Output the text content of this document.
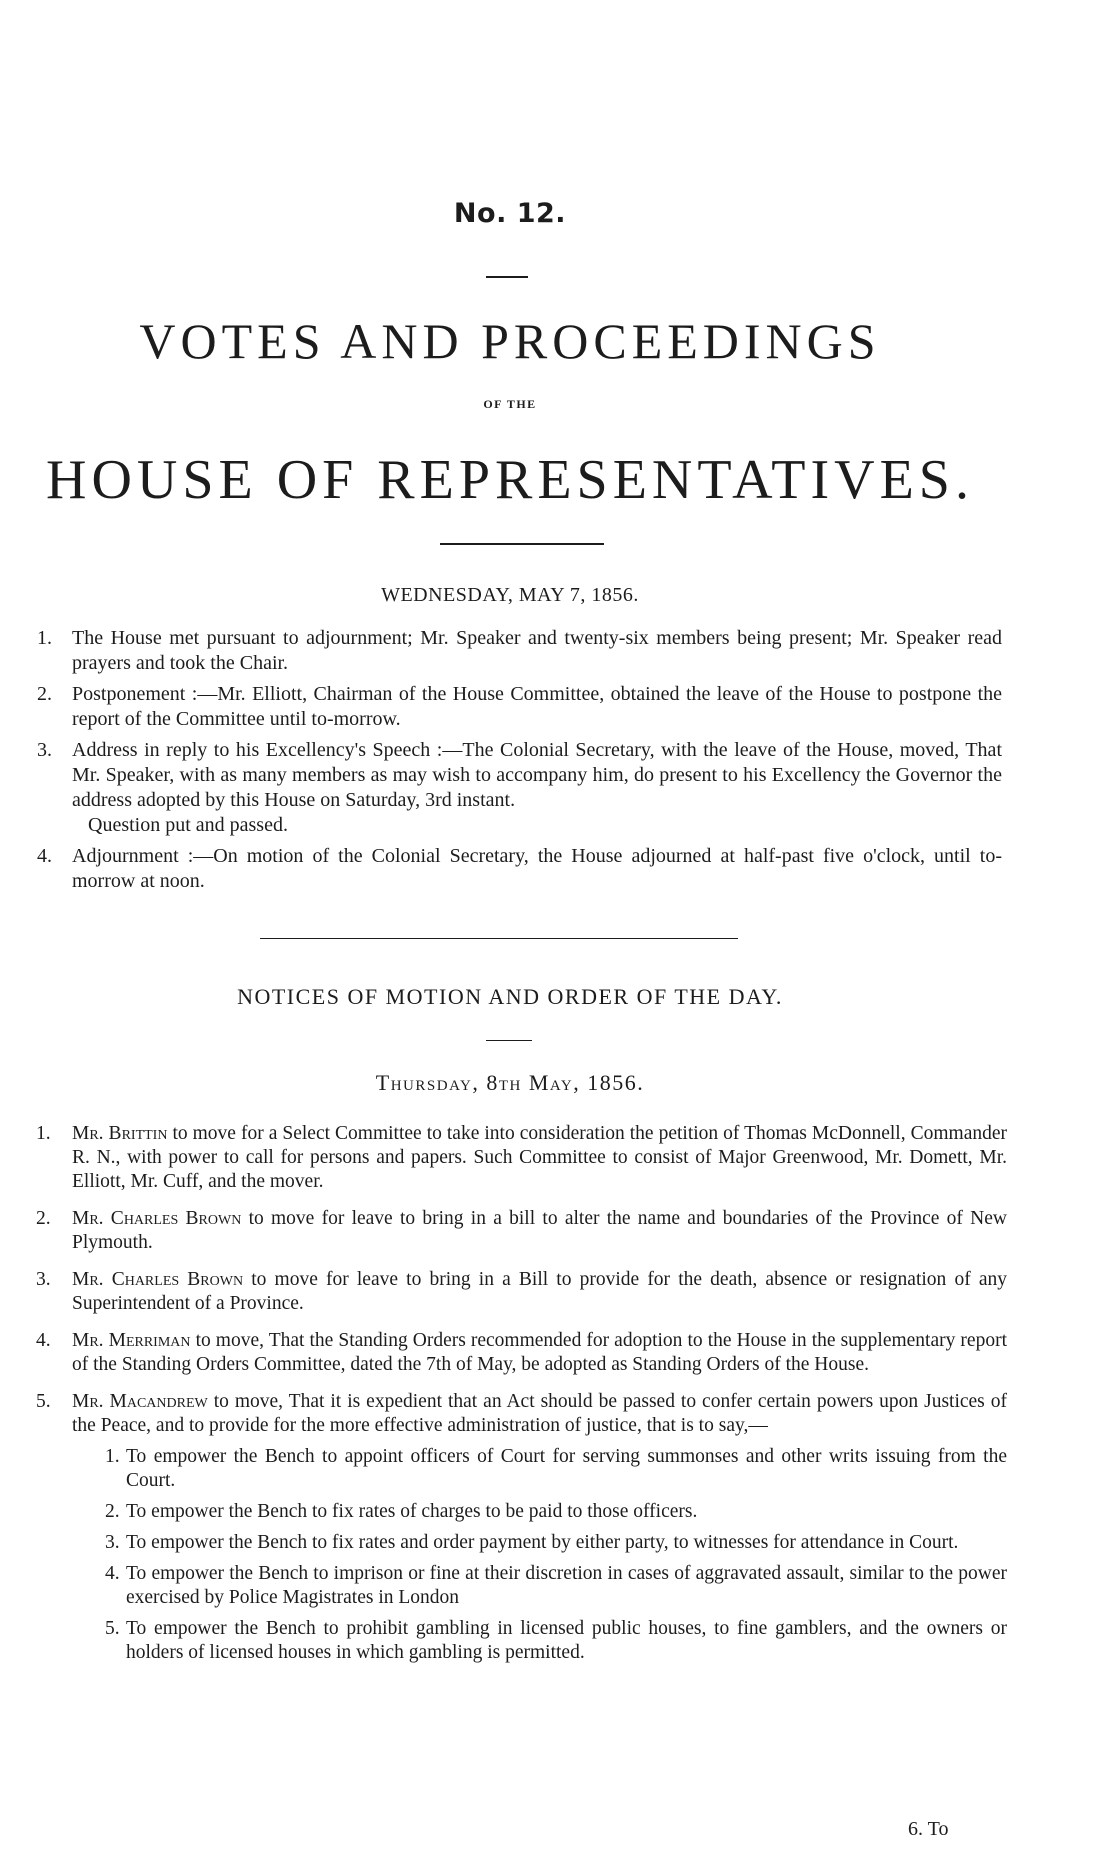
No. 12.
VOTES AND PROCEEDINGS
OF THE
HOUSE OF REPRESENTATIVES.
WEDNESDAY, MAY 7, 1856.
1. The House met pursuant to adjournment; Mr. Speaker and twenty-six members being present; Mr. Speaker read prayers and took the Chair.
2. Postponement :—Mr. Elliott, Chairman of the House Committee, obtained the leave of the House to postpone the report of the Committee until to-morrow.
3. Address in reply to his Excellency's Speech :—The Colonial Secretary, with the leave of the House, moved, That Mr. Speaker, with as many members as may wish to accompany him, do present to his Excellency the Governor the address adopted by this House on Saturday, 3rd instant.
Question put and passed.
4. Adjournment :—On motion of the Colonial Secretary, the House adjourned at half-past five o'clock, until to-morrow at noon.
NOTICES OF MOTION AND ORDER OF THE DAY.
Thursday, 8th May, 1856.
1. Mr. Brittin to move for a Select Committee to take into consideration the petition of Thomas McDonnell, Commander R. N., with power to call for persons and papers. Such Committee to consist of Major Greenwood, Mr. Domett, Mr. Elliott, Mr. Cuff, and the mover.
2. Mr. Charles Brown to move for leave to bring in a bill to alter the name and boundaries of the Province of New Plymouth.
3. Mr. Charles Brown to move for leave to bring in a Bill to provide for the death, absence or resignation of any Superintendent of a Province.
4. Mr. Merriman to move, That the Standing Orders recommended for adoption to the House in the supplementary report of the Standing Orders Committee, dated the 7th of May, be adopted as Standing Orders of the House.
5. Mr. Macandrew to move, That it is expedient that an Act should be passed to confer certain powers upon Justices of the Peace, and to provide for the more effective administration of justice, that is to say,—
1. To empower the Bench to appoint officers of Court for serving summonses and other writs issuing from the Court.
2. To empower the Bench to fix rates of charges to be paid to those officers.
3. To empower the Bench to fix rates and order payment by either party, to witnesses for attendance in Court.
4. To empower the Bench to imprison or fine at their discretion in cases of aggravated assault, similar to the power exercised by Police Magistrates in London
5. To empower the Bench to prohibit gambling in licensed public houses, to fine gamblers, and the owners or holders of licensed houses in which gambling is permitted.
6. To
